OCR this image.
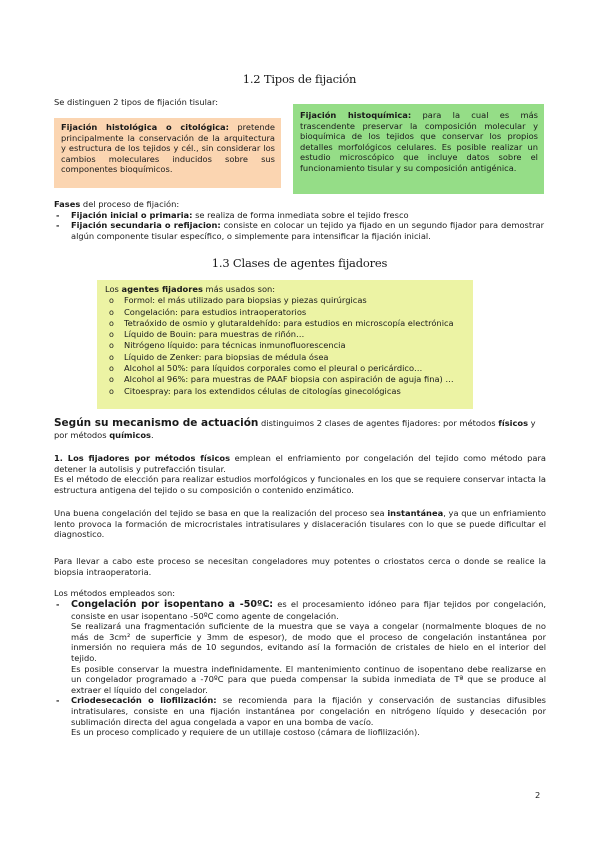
1.2 Tipos de fijación
Se distinguen 2 tipos de fijación tisular:
Fijación histológica o citológica: pretende principalmente la conservación de la arquitectura y estructura de los tejidos y cél., sin considerar los cambios moleculares inducidos sobre sus componentes bioquímicos.
Fijación histoquímica: para la cual es más trascendente preservar la composición molecular y bioquímica de los tejidos que conservar los propios detalles morfológicos celulares. Es posible realizar un estudio microscópico que incluye datos sobre el funcionamiento tisular y su composición antigénica.
Fases del proceso de fijación:
- Fijación inicial o primaria: se realiza de forma inmediata sobre el tejido fresco
- Fijación secundaria o refijacion: consiste en colocar un tejido ya fijado en un segundo fijador para demostrar algún componente tisular específico, o simplemente para intensificar la fijación inicial.
1.3 Clases de agentes fijadores
Los agentes fijadores más usados son:
o Formol: el más utilizado para biopsias y piezas quirúrgicas
o Congelación: para estudios intraoperatorios
o Tetraóxido de osmio y glutaraldehído: para estudios en microscopía electrónica
o Líquido de Bouin: para muestras de riñón…
o Nitrógeno líquido: para técnicas inmunofluorescencia
o Líquido de Zenker: para biopsias de médula ósea
o Alcohol al 50%: para líquidos corporales como el pleural o pericárdico…
o Alcohol al 96%: para muestras de PAAF biopsia con aspiración de aguja fina) …
o Citoespray: para los extendidos células de citologías ginecológicas
Según su mecanismo de actuación distinguimos 2 clases de agentes fijadores: por métodos físicos y por métodos químicos.
1. Los fijadores por métodos físicos emplean el enfriamiento por congelación del tejido como método para detener la autolisis y putrefacción tisular.
Es el método de elección para realizar estudios morfológicos y funcionales en los que se requiere conservar intacta la estructura antigena del tejido o su composición o contenido enzimático.
Una buena congelación del tejido se basa en que la realización del proceso sea instantánea, ya que un enfriamiento lento provoca la formación de microcristales intratisulares y dislaceración tisulares con lo que se puede dificultar el diagnostico.
Para llevar a cabo este proceso se necesitan congeladores muy potentes o criostatos cerca o donde se realice la biopsia intraoperatoria.
Los métodos empleados son:
- Congelación por isopentano a -50ºC: es el procesamiento idóneo para fijar tejidos por congelación, consiste en usar isopentano -50ºC como agente de congelación.
Se realizará una fragmentación suficiente de la muestra que se vaya a congelar (normalmente bloques de no más de 3cm² de superficie y 3mm de espesor), de modo que el proceso de congelación instantánea por inmersión no requiera más de 10 segundos, evitando así la formación de cristales de hielo en el interior del tejido.
Es posible conservar la muestra indefinidamente. El mantenimiento continuo de isopentano debe realizarse en un congelador programado a -70ºC para que pueda compensar la subida inmediata de Tª que se produce al extraer el líquido del congelador.
- Criodesecación o liofilización: se recomienda para la fijación y conservación de sustancias difusibles intratisulares, consiste en una fijación instantánea por congelación en nitrógeno líquido y desecación por sublimación directa del agua congelada a vapor en una bomba de vacío.
Es un proceso complicado y requiere de un utillaje costoso (cámara de liofilización).
2
